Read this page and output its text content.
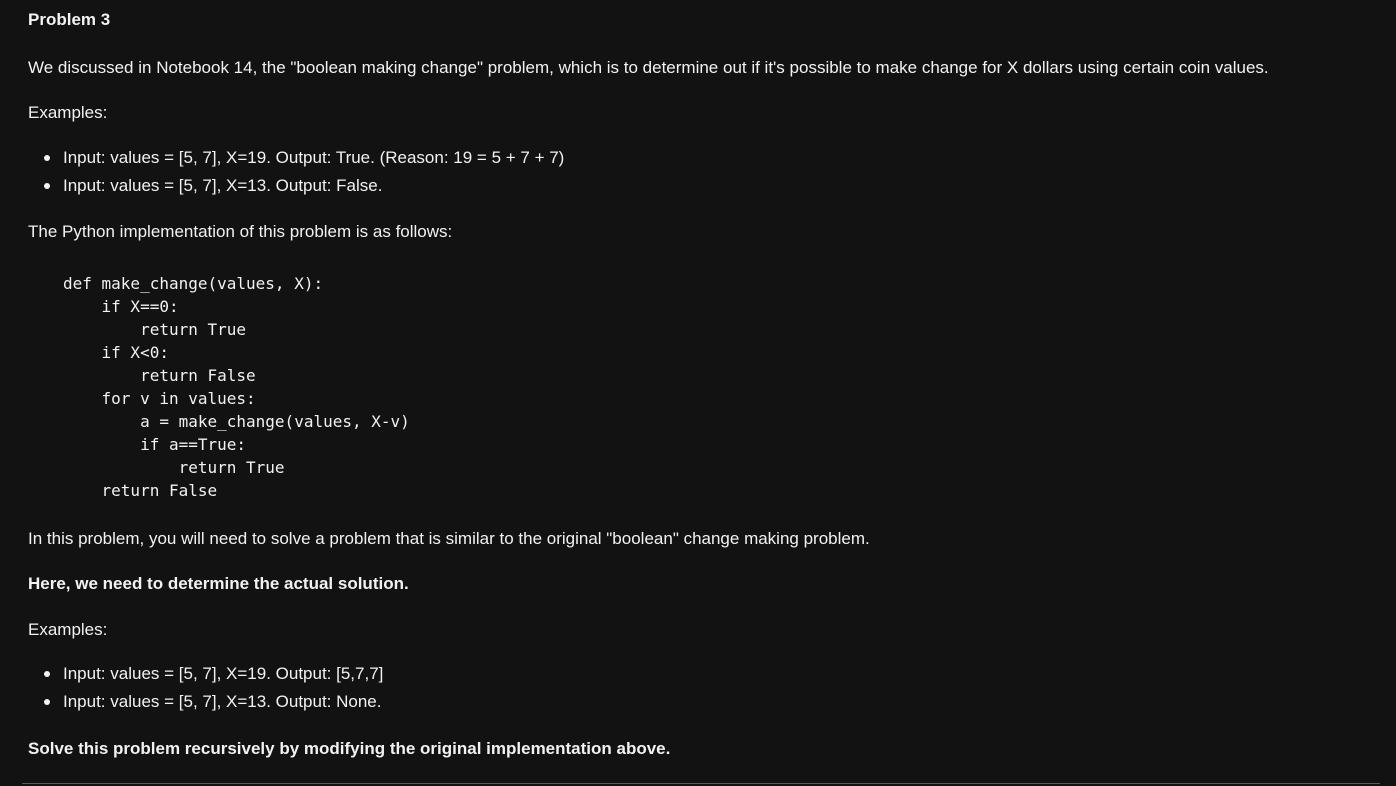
Problem 3
We discussed in Notebook 14, the "boolean making change" problem, which is to determine out if it's possible to make change for X dollars using certain coin values.
Examples:
Input: values = [5, 7], X=19. Output: True. (Reason: 19 = 5 + 7 + 7)
Input: values = [5, 7], X=13. Output: False.
The Python implementation of this problem is as follows:
def make_change(values, X):
if X==0:
return True
if X<0:
return False
for v in values:
a = make_change(values, X-v)
if a==True:
return True
return False
In this problem, you will need to solve a problem that is similar to the original "boolean" change making problem.
Here, we need to determine the actual solution.
Examples:
Input: values = [5, 7], X=19. Output: [5,7,7]
Input: values = [5, 7], X=13. Output: None.
Solve this problem recursively by modifying the original implementation above.
